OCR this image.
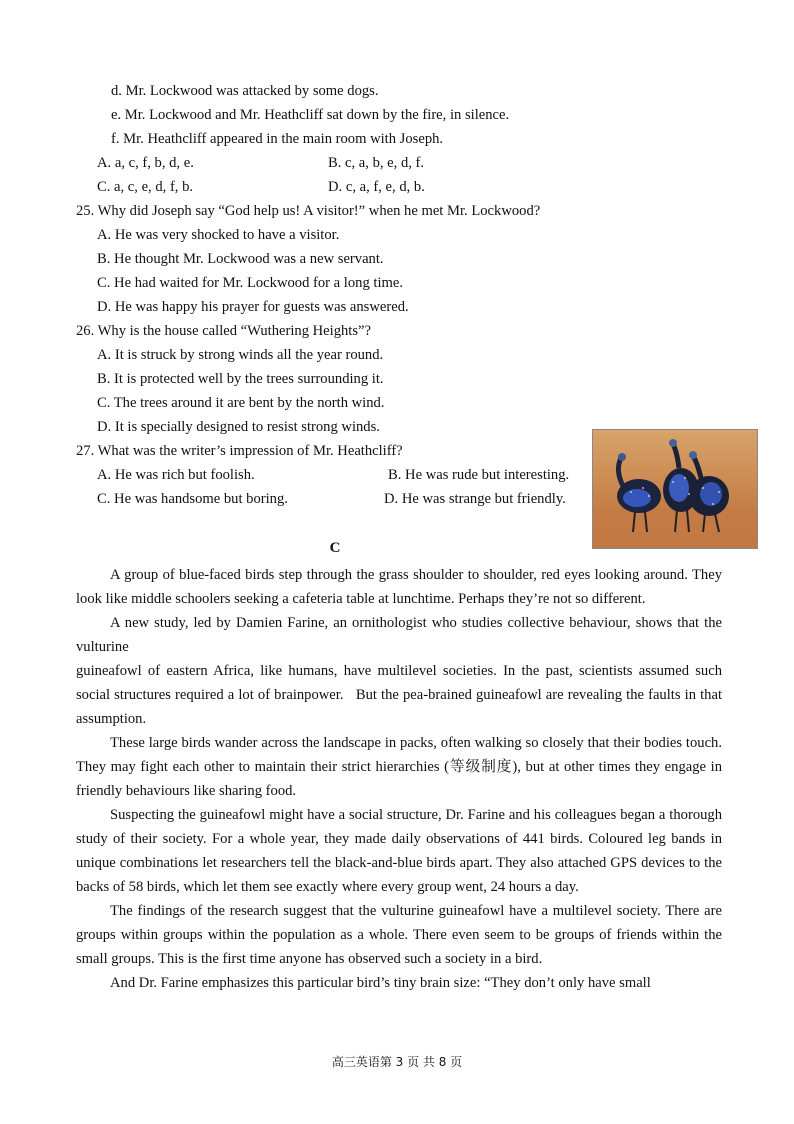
d. Mr. Lockwood was attacked by some dogs.
e. Mr. Lockwood and Mr. Heathcliff sat down by the fire, in silence.
f. Mr. Heathcliff appeared in the main room with Joseph.
A. a, c, f, b, d, e.	B. c, a, b, e, d, f.
C. a, c, e, d, f, b.	D. c, a, f, e, d, b.
25. Why did Joseph say “God help us! A visitor!” when he met Mr. Lockwood?
A. He was very shocked to have a visitor.
B. He thought Mr. Lockwood was a new servant.
C. He had waited for Mr. Lockwood for a long time.
D. He was happy his prayer for guests was answered.
26. Why is the house called “Wuthering Heights”?
A. It is struck by strong winds all the year round.
B. It is protected well by the trees surrounding it.
C. The trees around it are bent by the north wind.
D. It is specially designed to resist strong winds.
27. What was the writer’s impression of Mr. Heathcliff?
A. He was rich but foolish.	B. He was rude but interesting.
C. He was handsome but boring.	D. He was strange but friendly.
C

A group of blue-faced birds step through the grass shoulder to shoulder, red eyes looking around. They look like middle schoolers seeking a cafeteria table at lunchtime. Perhaps they’re not so different.

A new study, led by Damien Farine, an ornithologist who studies collective behaviour, shows that the vulturine

guineafowl of eastern Africa, like humans, have multilevel societies. In the past, scientists assumed such social structures required a lot of brainpower.   But the pea-brained guineafowl are revealing the faults in that assumption.

These large birds wander across the landscape in packs, often walking so closely that their bodies touch. They may fight each other to maintain their strict hierarchies (等级制度), but at other times they engage in friendly behaviours like sharing food.

Suspecting the guineafowl might have a social structure, Dr. Farine and his colleagues began a thorough study of their society. For a whole year, they made daily observations of 441 birds. Coloured leg bands in unique combinations let researchers tell the black-and-blue birds apart. They also attached GPS devices to the backs of 58 birds, which let them see exactly where every group went, 24 hours a day.

The findings of the research suggest that the vulturine guineafowl have a multilevel society. There are groups within groups within the population as a whole. There even seem to be groups of friends within the small groups. This is the first time anyone has observed such a society in a bird.

And Dr. Farine emphasizes this particular bird’s tiny brain size: “They don’t only have small

高三英语第 3 页 共 8 页
